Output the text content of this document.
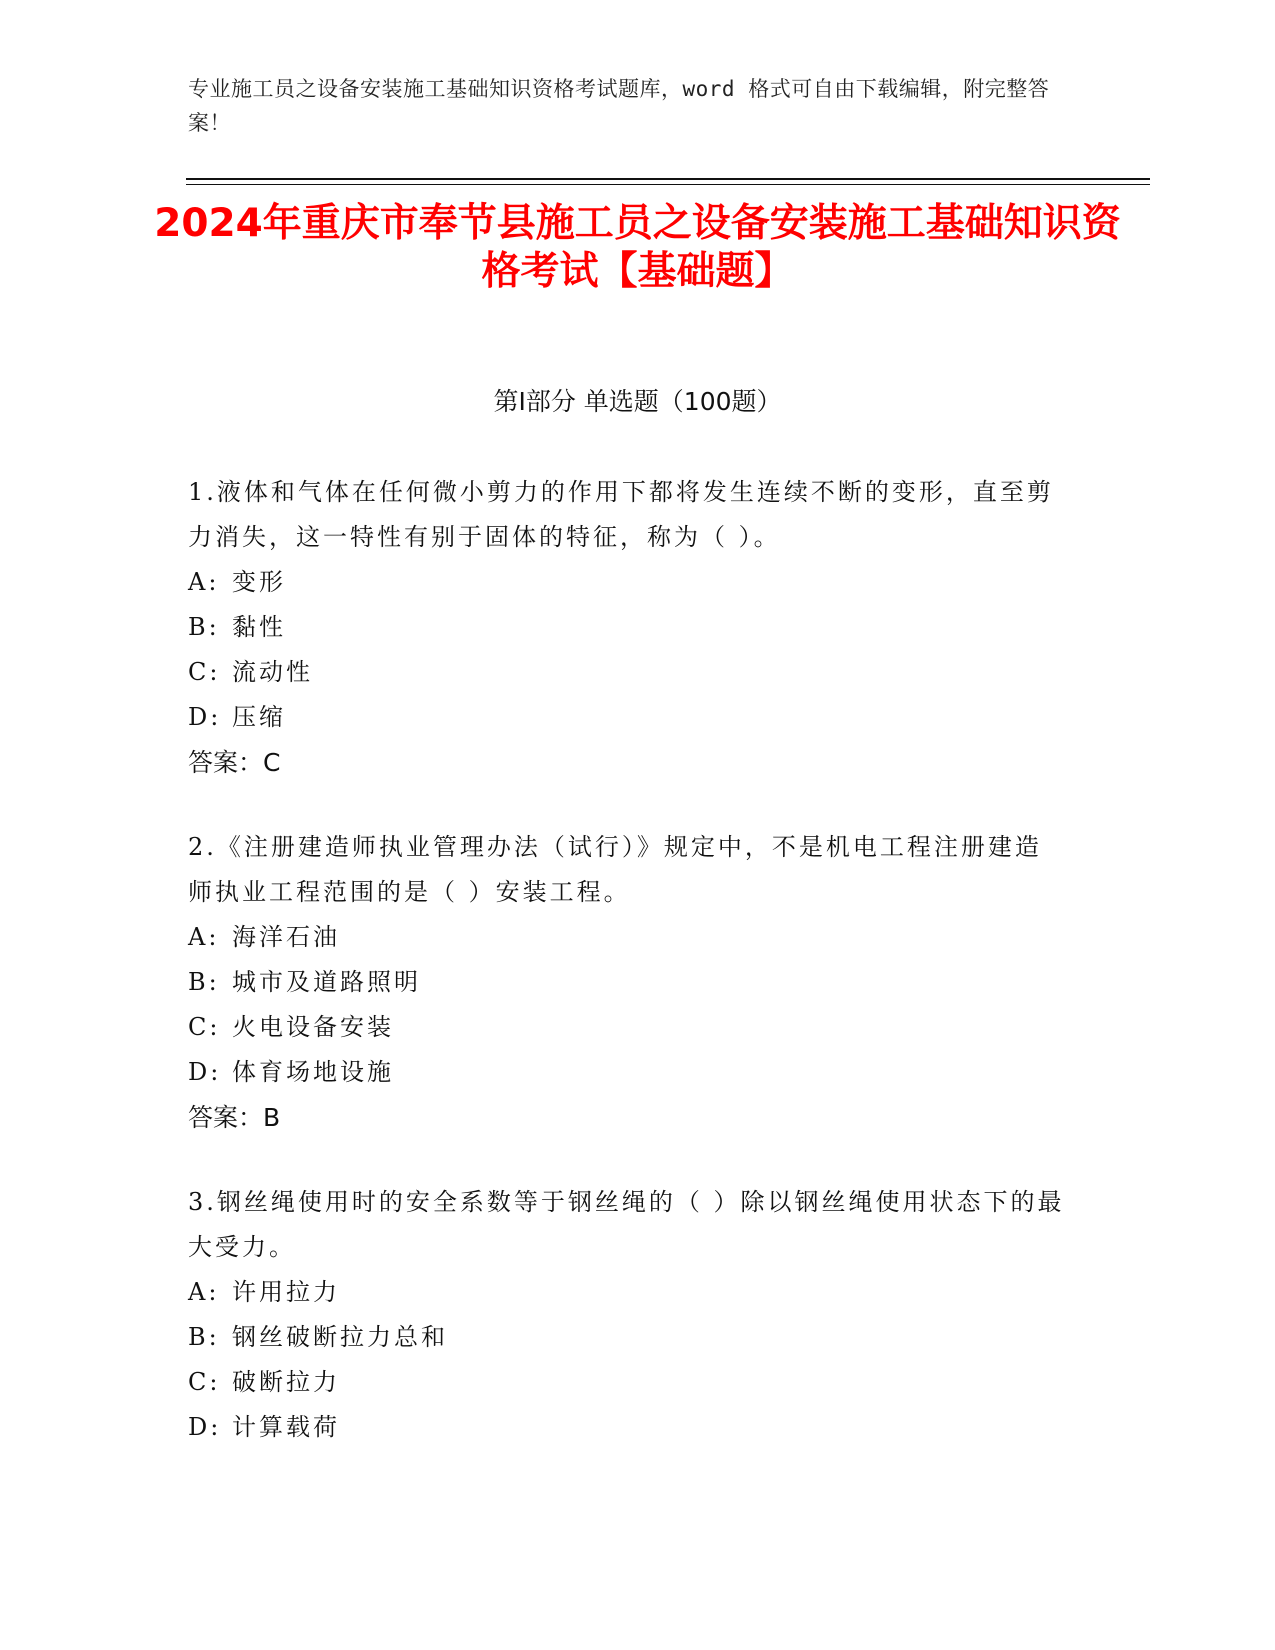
专业施工员之设备安装施工基础知识资格考试题库，word 格式可自由下载编辑，附完整答案！
2024年重庆市奉节县施工员之设备安装施工基础知识资格考试【基础题】
第Ⅰ部分 单选题（100题）

1.液体和气体在任何微小剪力的作用下都将发生连续不断的变形，直至剪力消失，这一特性有别于固体的特征，称为（ ）。

A: 变形
B: 黏性
C: 流动性
D: 压缩
答案：C

2.《注册建造师执业管理办法（试行）》规定中，不是机电工程注册建造师执业工程范围的是（ ）安装工程。

A: 海洋石油
B: 城市及道路照明
C: 火电设备安装
D: 体育场地设施
答案：B

3.钢丝绳使用时的安全系数等于钢丝绳的（ ）除以钢丝绳使用状态下的最大受力。

A: 许用拉力
B: 钢丝破断拉力总和
C: 破断拉力
D: 计算载荷
